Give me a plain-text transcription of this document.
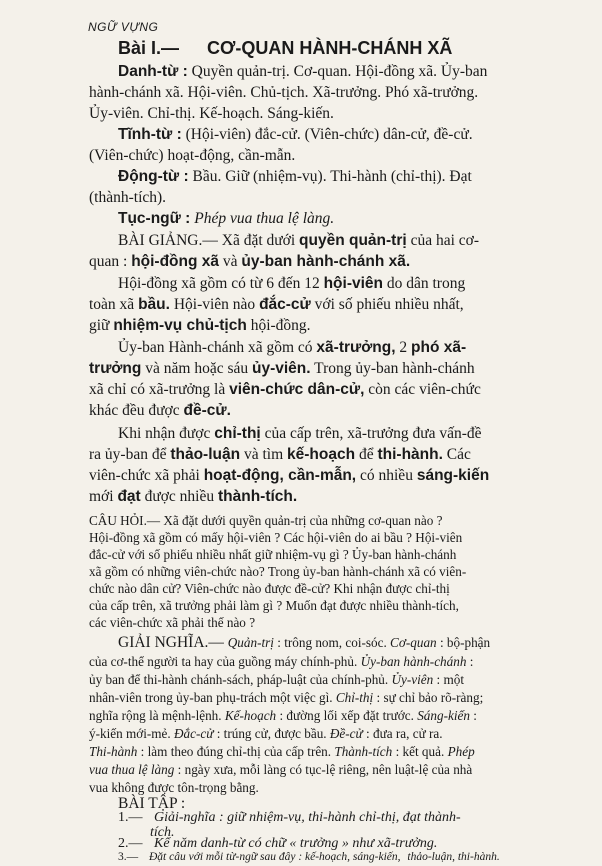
NGỮ VỰNG
Bài I.— CƠ-QUAN HÀNH-CHÁNH XÃ
Danh-từ : Quyền quản-trị. Cơ-quan. Hội-đồng xã. Ủy-ban
hành-chánh xã. Hội-viên. Chủ-tịch. Xã-trưởng. Phó xã-trưởng.
Ủy-viên. Chỉ-thị. Kế-hoạch. Sáng-kiến.
Tĩnh-từ : (Hội-viên) đắc-cử. (Viên-chức) dân-cử, đề-cử.
(Viên-chức) hoạt-động, cần-mẫn.
Động-từ : Bầu. Giữ (nhiệm-vụ). Thi-hành (chỉ-thị). Đạt
(thành-tích).
Tục-ngữ : Phép vua thua lệ làng.
BÀI GIẢNG.— Xã đặt dưới quyền quản-trị của hai cơ-
quan : hội-đồng xã và ủy-ban hành-chánh xã.
Hội-đồng xã gồm có từ 6 đến 12 hội-viên do dân trong
toàn xã bầu. Hội-viên nào đắc-cử với số phiếu nhiều nhất,
giữ nhiệm-vụ chủ-tịch hội-đồng.
Ủy-ban Hành-chánh xã gồm có xã-trưởng, 2 phó xã-
trưởng và năm hoặc sáu ủy-viên. Trong ủy-ban hành-chánh
xã chỉ có xã-trưởng là viên-chức dân-cử, còn các viên-chức
khác đều được đề-cử.
Khi nhận được chỉ-thị của cấp trên, xã-trưởng đưa vấn-đề
ra ủy-ban để thảo-luận và tìm kế-hoạch để thi-hành. Các
viên-chức xã phải hoạt-động, cần-mẫn, có nhiều sáng-kiến
mới đạt được nhiều thành-tích.
CÂU HỎI.— Xã đặt dưới quyền quản-trị của những cơ-quan nào ?
Hội-đồng xã gồm có mấy hội-viên ? Các hội-viên do ai bầu ? Hội-viên
đắc-cử với số phiếu nhiều nhất giữ nhiệm-vụ gì ? Ủy-ban hành-chánh
xã gồm có những viên-chức nào? Trong ủy-ban hành-chánh xã có viên-
chức nào dân cử? Viên-chức nào được đề-cử? Khi nhận được chỉ-thị
của cấp trên, xã trưởng phải làm gì ? Muốn đạt được nhiều thành-tích,
các viên-chức xã phải thế nào ?
GIẢI NGHĨA.— Quản-trị : trông nom, coi-sóc. Cơ-quan : bộ-phận
của cơ-thể người ta hay của guồng máy chính-phủ. Ủy-ban hành-chánh :
ủy ban để thi-hành chánh-sách, pháp-luật của chính-phủ. Ủy-viên : một
nhân-viên trong ủy-ban phụ-trách một việc gì. Chỉ-thị : sự chỉ bảo rõ-ràng;
nghĩa rộng là mệnh-lệnh. Kế-hoạch : đường lối xếp đặt trước. Sáng-kiến :
ý-kiến mới-mẻ. Đắc-cử : trúng cử, được bầu. Đề-cử : đưa ra, cử ra.
Thi-hành : làm theo đúng chỉ-thị của cấp trên. Thành-tích : kết quả. Phép
vua thua lệ làng : ngày xưa, mỗi làng có tục-lệ riêng, nên luật-lệ của nhà
vua không được tôn-trọng bằng.
BÀI TẬP :
1.— Giải-nghĩa : giữ nhiệm-vụ, thi-hành chỉ-thị, đạt thành-
tích.
2.— Kể năm danh-từ có chữ « trưởng » như xã-trưởng.
3.— Đặt câu với mỗi từ-ngữ sau đây : kế-hoạch, sáng-kiến, thảo-luận, thi-hành.
